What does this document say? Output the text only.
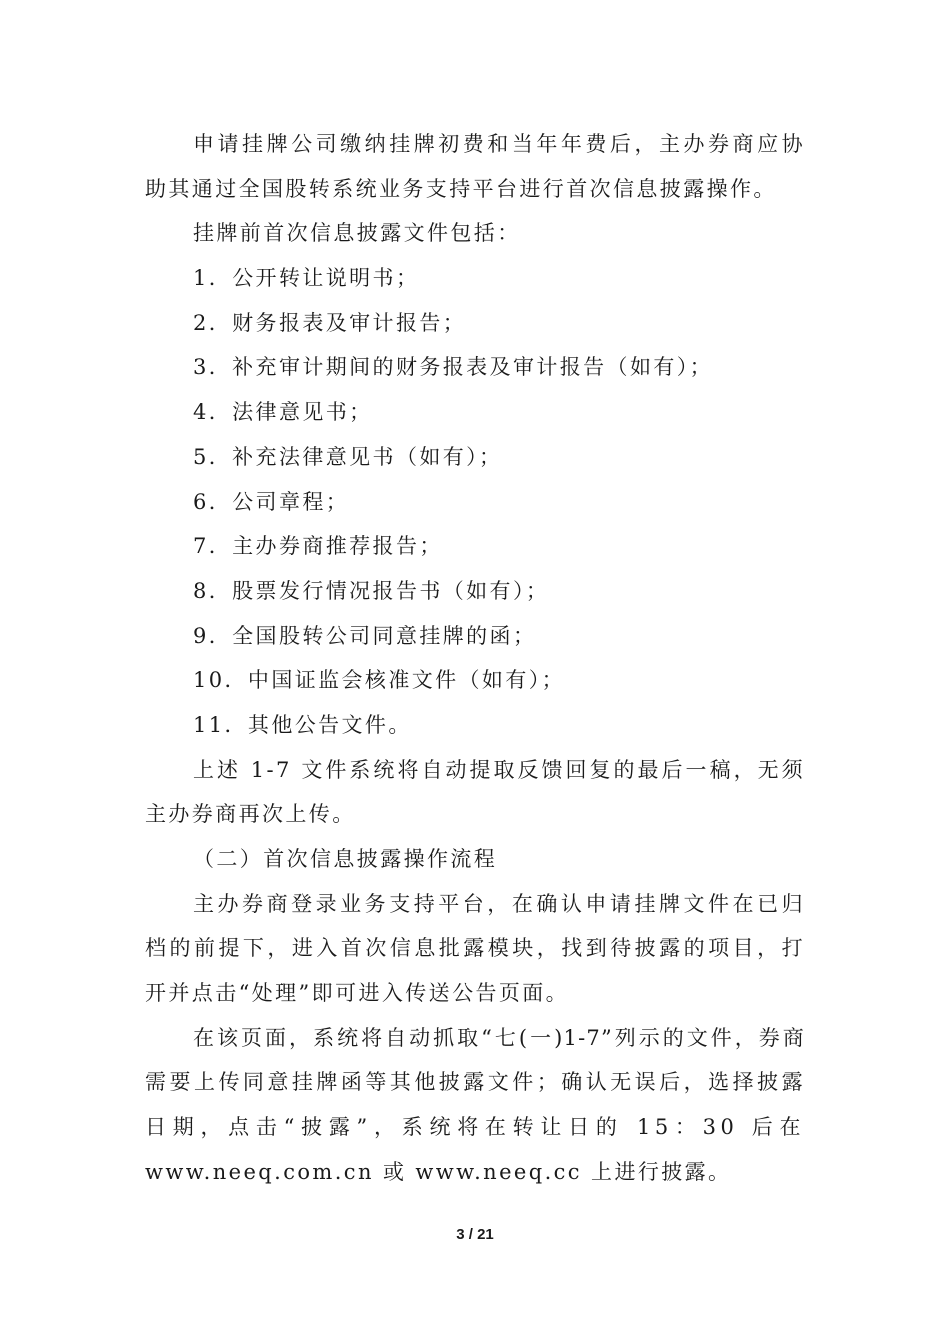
申请挂牌公司缴纳挂牌初费和当年年费后，主办券商应协
助其通过全国股转系统业务支持平台进行首次信息披露操作。
挂牌前首次信息披露文件包括：
1．公开转让说明书；
2．财务报表及审计报告；
3．补充审计期间的财务报表及审计报告（如有）；
4．法律意见书；
5．补充法律意见书（如有）；
6．公司章程；
7．主办券商推荐报告；
8．股票发行情况报告书（如有）；
9．全国股转公司同意挂牌的函；
10．中国证监会核准文件（如有）；
11．其他公告文件。
上述 1-7 文件系统将自动提取反馈回复的最后一稿，无须
主办券商再次上传。
（二）首次信息披露操作流程
主办券商登录业务支持平台，在确认申请挂牌文件在已归
档的前提下，进入首次信息批露模块，找到待披露的项目，打
开并点击“处理”即可进入传送公告页面。
在该页面，系统将自动抓取“七(一)1-7”列示的文件，券商
需要上传同意挂牌函等其他披露文件；确认无误后，选择披露
日期，点击“披露”，系统将在转让日的 15：30 后在
www.neeq.com.cn 或 www.neeq.cc 上进行披露。
3 / 21
